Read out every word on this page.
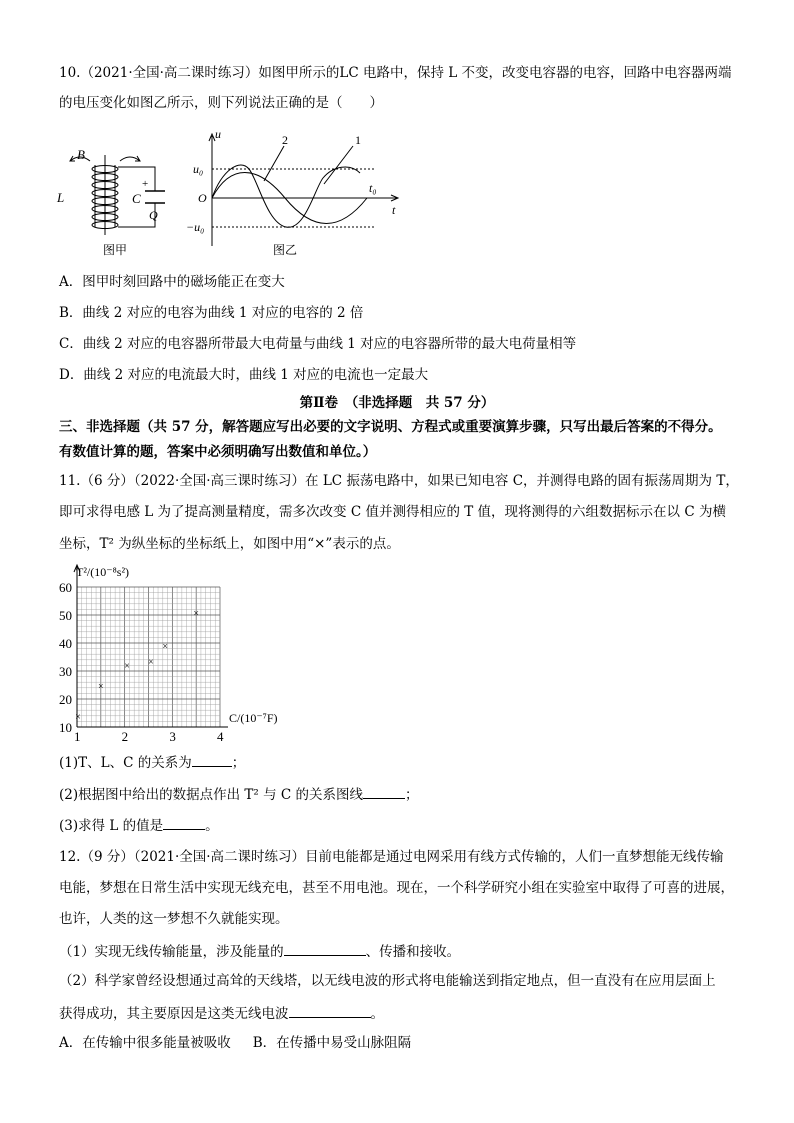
10.（2021·全国·高二课时练习）如图甲所示的LC 电路中，保持 L 不变，改变电容器的电容，回路中电容器两端
的电压变化如图乙所示，则下列说法正确的是（　　）
B
L	C
+
Q
图甲
u
u₀
−u₀
O
t₀
t
2	1
图乙
A．图甲时刻回路中的磁场能正在变大
B．曲线 2 对应的电容为曲线 1 对应的电容的 2 倍
C．曲线 2 对应的电容器所带最大电荷量与曲线 1 对应的电容器所带的最大电荷量相等
D．曲线 2 对应的电流最大时，曲线 1 对应的电流也一定最大
第Ⅱ卷　（非选择题　共 57 分）
三、非选择题（共 57 分，解答题应写出必要的文字说明、方程式或重要演算步骤，只写出最后答案的不得分。
有数值计算的题，答案中必须明确写出数值和单位。）
11.（6 分）（2022·全国·高三课时练习）在 LC 振荡电路中，如果已知电容 C，并测得电路的固有振荡周期为 T，
即可求得电感 L 为了提高测量精度，需多次改变 C 值并测得相应的 T 值，现将测得的六组数据标示在以 C 为横
坐标，T² 为纵坐标的坐标纸上，如图中用“×”表示的点。
×
×
× ×
×
×
1	2	3	4
10
20
30
40
50
60
T²/(10⁻⁸s²)
C/(10⁻⁷F)
(1)T、L、C 的关系为	；
(2)根据图中给出的数据点作出 T² 与 C 的关系图线	；
(3)求得 L 的值是	。
12.（9 分）（2021·全国·高二课时练习）目前电能都是通过电网采用有线方式传输的，人们一直梦想能无线传输
电能，梦想在日常生活中实现无线充电，甚至不用电池。现在，一个科学研究小组在实验室中取得了可喜的进展，
也许，人类的这一梦想不久就能实现。
（1）实现无线传输能量，涉及能量的	、传播和接收。
（2）科学家曾经设想通过高耸的天线塔，以无线电波的形式将电能输送到指定地点，但一直没有在应用层面上
获得成功，其主要原因是这类无线电波	。
A．在传输中很多能量被吸收 B．在传播中易受山脉阻隔
